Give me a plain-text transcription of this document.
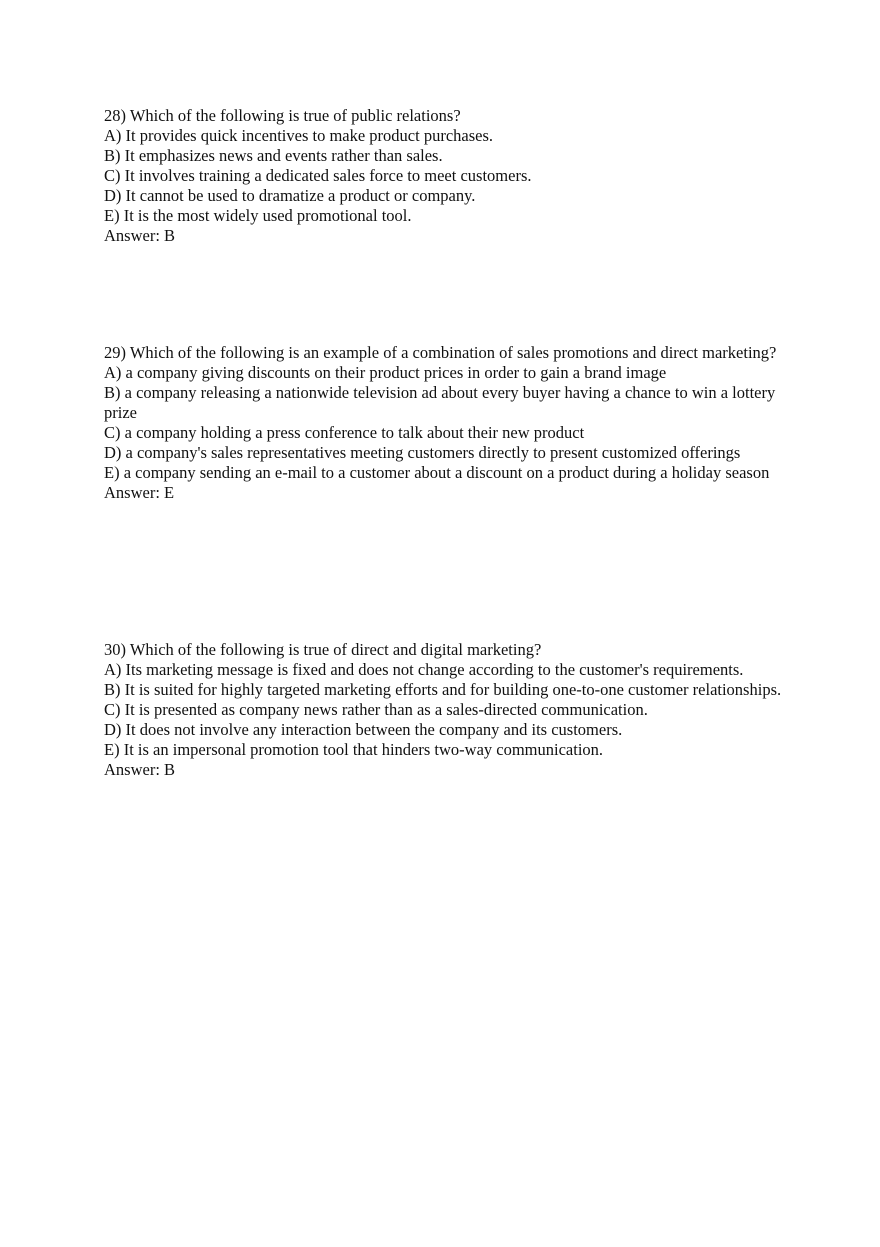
28) Which of the following is true of public relations?
A) It provides quick incentives to make product purchases.
B) It emphasizes news and events rather than sales.
C) It involves training a dedicated sales force to meet customers.
D) It cannot be used to dramatize a product or company.
E) It is the most widely used promotional tool.
Answer: B
29) Which of the following is an example of a combination of sales promotions and direct marketing?
A) a company giving discounts on their product prices in order to gain a brand image
B) a company releasing a nationwide television ad about every buyer having a chance to win a lottery prize
C) a company holding a press conference to talk about their new product
D) a company's sales representatives meeting customers directly to present customized offerings
E) a company sending an e-mail to a customer about a discount on a product during a holiday season
Answer: E
30) Which of the following is true of direct and digital marketing?
A) Its marketing message is fixed and does not change according to the customer's requirements.
B) It is suited for highly targeted marketing efforts and for building one-to-one customer relationships.
C) It is presented as company news rather than as a sales-directed communication.
D) It does not involve any interaction between the company and its customers.
E) It is an impersonal promotion tool that hinders two-way communication.
Answer: B
